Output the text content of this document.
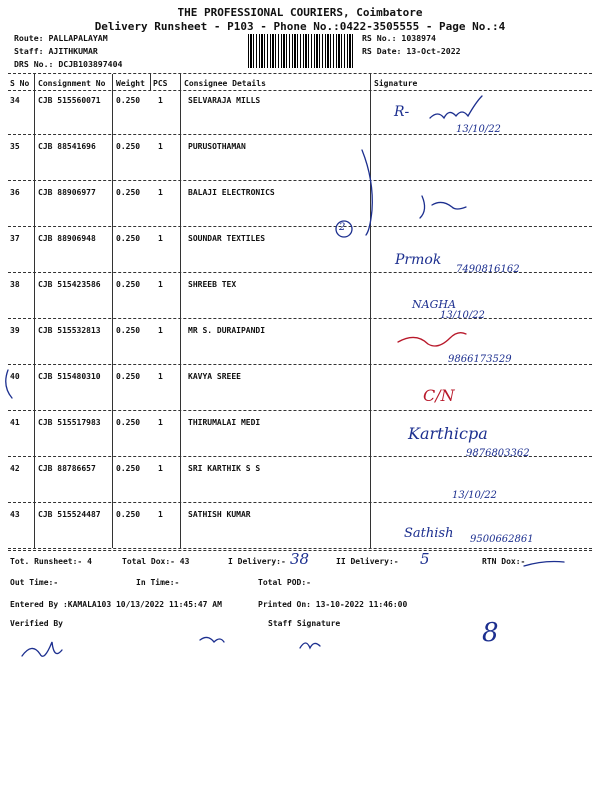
THE PROFESSIONAL COURIERS, Coimbatore
Delivery Runsheet - P103 - Phone No.:0422-3505555 - Page No.:4
Route: PALLAPALAYAM
Staff: AJITHKUMAR
DRS No.: DCJB103897404
RS No.: 1038974
RS Date: 13-Oct-2022
S No Consignment No Weight PCS Consignee Details	Signature
34 CJB 515560071 0.250 1	SELVARAJA MILLS
35 CJB 88541696	0.250 1	PURUSOTHAMAN
36 CJB 88906977	0.250 1	BALAJI ELECTRONICS
37 CJB 88906948	0.250 1	SOUNDAR TEXTILES
38 CJB 515423586 0.250 1	SHREEB TEX
39 CJB 515532813 0.250 1	MR S. DURAIPANDI
40 CJB 515480310 0.250 1	KAVYA SREEE
41 CJB 515517983 0.250 1	THIRUMALAI MEDI
42 CJB 88786657	0.250 1	SRI KARTHIK S S
43 CJB 515524487 0.250 1	SATHISH KUMAR
R-
13/10/22
2
Prmok
7490816162
NAGHA
13/10/22
9866173529
C/N
Karthicpa
9876803362
13/10/22
Sathish 9500662861
Tot. Runsheet:- 4	Total Dox:- 43	I Delivery:- 38	II Delivery:- 5	RTN Dox:-
Out Time:-	In Time:-	Total POD:-
Entered By :KAMALA103 10/13/2022 11:45:47 AM	Printed On: 13-10-2022 11:46:00
Verified By	Staff Signature	8
